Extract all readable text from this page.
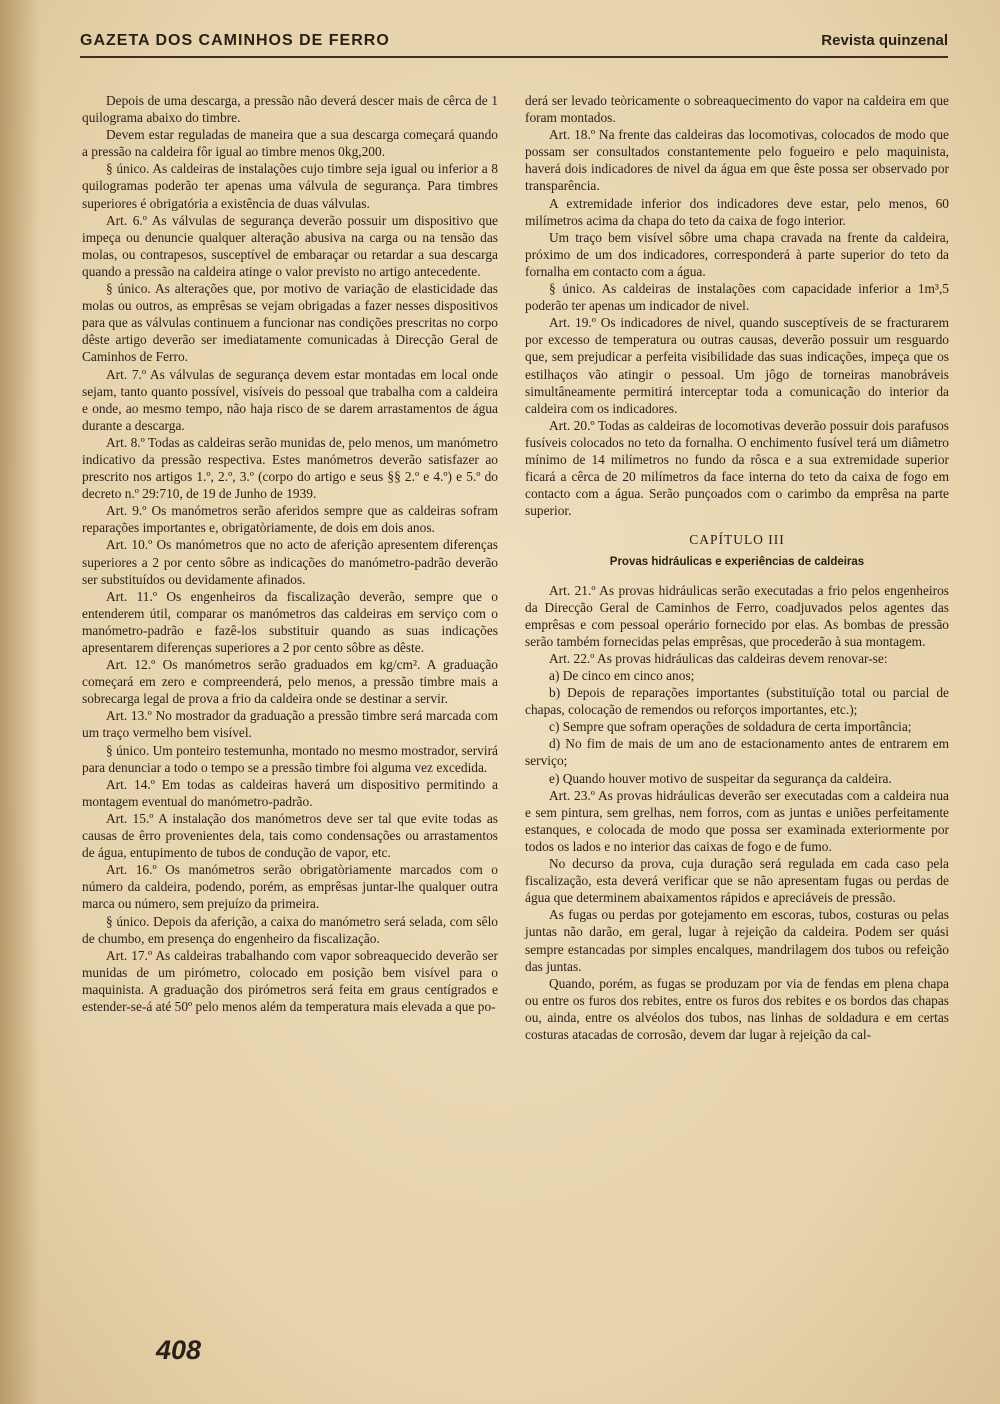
GAZETA DOS CAMINHOS DE FERRO	Revista quinzenal

Depois de uma descarga, a pressão não deverá descer mais de cêrca de 1 quilograma abaixo do timbre.

Devem estar reguladas de maneira que a sua descarga começará quando a pressão na caldeira fôr igual ao timbre menos 0kg,200.

§ único. As caldeiras de instalações cujo timbre seja igual ou inferior a 8 quilogramas poderão ter apenas uma válvula de segurança. Para timbres superiores é obrigatória a existência de duas válvulas.

Art. 6.º As válvulas de segurança deverão possuir um dispositivo que impeça ou denuncie qualquer alteração abusiva na carga ou na tensão das molas, ou contrapesos, susceptível de embaraçar ou retardar a sua descarga quando a pressão na caldeira atinge o valor previsto no artigo antecedente.

§ único. As alterações que, por motivo de variação de elasticidade das molas ou outros, as emprêsas se vejam obrigadas a fazer nesses dispositivos para que as válvulas continuem a funcionar nas condições prescritas no corpo dêste artigo deverão ser imediatamente comunicadas à Direcção Geral de Caminhos de Ferro.

Art. 7.º As válvulas de segurança devem estar montadas em local onde sejam, tanto quanto possível, visíveis do pessoal que trabalha com a caldeira e onde, ao mesmo tempo, não haja risco de se darem arrastamentos de água durante a descarga.

Art. 8.º Todas as caldeiras serão munidas de, pelo menos, um manómetro indicativo da pressão respectiva. Estes manómetros deverão satisfazer ao prescrito nos artigos 1.º, 2.º, 3.º (corpo do artigo e seus §§ 2.º e 4.º) e 5.º do decreto n.º 29:710, de 19 de Junho de 1939.

Art. 9.º Os manómetros serão aferidos sempre que as caldeiras sofram reparações importantes e, obrigatòriamente, de dois em dois anos.

Art. 10.º Os manómetros que no acto de aferição apresentem diferenças superiores a 2 por cento sôbre as indicações do manómetro-padrão deverão ser substituídos ou devidamente afinados.

Art. 11.º Os engenheiros da fiscalização deverão, sempre que o entenderem útil, comparar os manómetros das caldeiras em serviço com o manómetro-padrão e fazê-los substituir quando as suas indicações apresentarem diferenças superiores a 2 por cento sôbre as dêste.

Art. 12.º Os manómetros serão graduados em kg/cm². A graduação começará em zero e compreenderá, pelo menos, a pressão timbre mais a sobrecarga legal de prova a frio da caldeira onde se destinar a servir.

Art. 13.º No mostrador da graduação a pressão timbre será marcada com um traço vermelho bem visível.

§ único. Um ponteiro testemunha, montado no mesmo mostrador, servirá para denunciar a todo o tempo se a pressão timbre foi alguma vez excedida.

Art. 14.º Em todas as caldeiras haverá um dispositivo permitindo a montagem eventual do manómetro-padrão.

Art. 15.º A instalação dos manómetros deve ser tal que evite todas as causas de êrro provenientes dela, tais como condensações ou arrastamentos de água, entupimento de tubos de condução de vapor, etc.

Art. 16.º Os manómetros serão obrigatòriamente marcados com o número da caldeira, podendo, porém, as emprêsas juntar-lhe qualquer outra marca ou número, sem prejuízo da primeira.

§ único. Depois da aferição, a caixa do manómetro será selada, com sêlo de chumbo, em presença do engenheiro da fiscalização.

Art. 17.º As caldeiras trabalhando com vapor sobreaquecido deverão ser munidas de um pirómetro, colocado em posição bem visível para o maquinista. A graduação dos pirómetros será feita em graus centígrados e estender-se-á até 50º pelo menos além da temperatura mais elevada a que po-

derá ser levado teòricamente o sobreaquecimento do vapor na caldeira em que foram montados.

Art. 18.º Na frente das caldeiras das locomotivas, colocados de modo que possam ser consultados constantemente pelo fogueiro e pelo maquinista, haverá dois indicadores de nivel da água em que êste possa ser observado por transparência.

A extremidade inferior dos indicadores deve estar, pelo menos, 60 milímetros acima da chapa do teto da caixa de fogo interior.

Um traço bem visível sôbre uma chapa cravada na frente da caldeira, próximo de um dos indicadores, corresponderá à parte superior do teto da fornalha em contacto com a água.

§ único. As caldeiras de instalações com capacidade inferior a 1m³,5 poderão ter apenas um indicador de nivel.

Art. 19.º Os indicadores de nivel, quando susceptíveis de se fracturarem por excesso de temperatura ou outras causas, deverão possuir um resguardo que, sem prejudicar a perfeita visibilidade das suas indicações, impeça que os estilhaços vão atingir o pessoal. Um jôgo de torneiras manobráveis simultâneamente permitirá interceptar toda a comunicação do interior da caldeira com os indicadores.

Art. 20.º Todas as caldeiras de locomotivas deverão possuir dois parafusos fusíveis colocados no teto da fornalha. O enchimento fusível terá um diâmetro mínimo de 14 milímetros no fundo da rôsca e a sua extremidade superior ficará a cêrca de 20 milímetros da face interna do teto da caixa de fogo em contacto com a água. Serão punçoados com o carimbo da emprêsa na parte superior.

CAPÍTULO III

Provas hidráulicas e experiências de caldeiras

Art. 21.º As provas hidráulicas serão executadas a frio pelos engenheiros da Direcção Geral de Caminhos de Ferro, coadjuvados pelos agentes das emprêsas e com pessoal operário fornecido por elas. As bombas de pressão serão também fornecidas pelas emprêsas, que procederão à sua montagem.

Art. 22.º As provas hidráulicas das caldeiras devem renovar-se:

a) De cinco em cinco anos;

b) Depois de reparações importantes (substituïção total ou parcial de chapas, colocação de remendos ou reforços importantes, etc.);

c) Sempre que sofram operações de soldadura de certa importância;

d) No fim de mais de um ano de estacionamento antes de entrarem em serviço;

e) Quando houver motivo de suspeitar da segurança da caldeira.

Art. 23.º As provas hidráulicas deverão ser executadas com a caldeira nua e sem pintura, sem grelhas, nem forros, com as juntas e uniões perfeitamente estanques, e colocada de modo que possa ser examinada exteriormente por todos os lados e no interior das caixas de fogo e de fumo.

No decurso da prova, cuja duração será regulada em cada caso pela fiscalização, esta deverá verificar que se não apresentam fugas ou perdas de água que determinem abaixamentos rápidos e apreciáveis de pressão.

As fugas ou perdas por gotejamento em escoras, tubos, costuras ou pelas juntas não darão, em geral, lugar à rejeição da caldeira. Podem ser quási sempre estancadas por simples encalques, mandrilagem dos tubos ou refeição das juntas.

Quando, porém, as fugas se produzam por via de fendas em plena chapa ou entre os furos dos rebites, entre os furos dos rebites e os bordos das chapas ou, ainda, entre os alvéolos dos tubos, nas linhas de soldadura e em certas costuras atacadas de corrosão, devem dar lugar à rejeição da cal-

408
